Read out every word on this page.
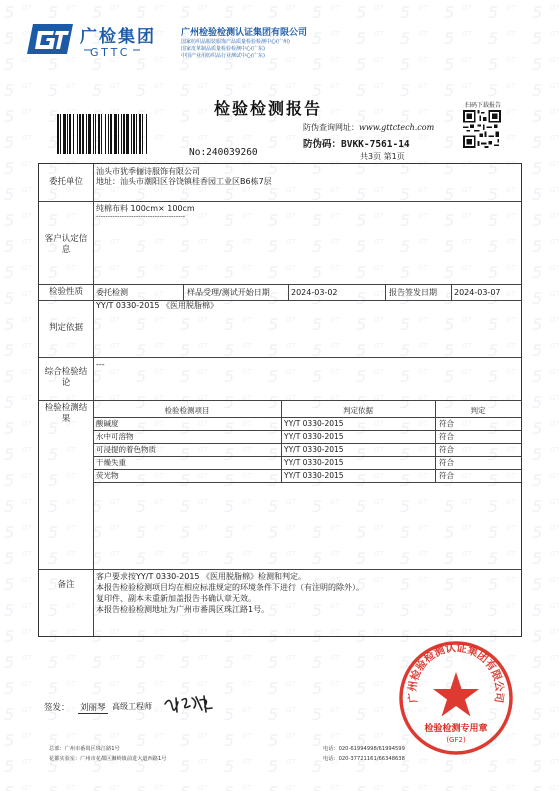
广检集团
GTTC
广州检验检测认证集团有限公司
国家纺织品服装服饰产品质量检验检测中心(广州)
国家皮革制品质量检验检测中心(广东)
中国产业用纺织品行业测试中心(广东)
检验检测报告	扫码下载报告
No:240039260
防伪查询网址：www.gttctech.com
防伪码：BVKK-7561-14
共3页 第1页
委托单位
汕头市犹季俪诗服饰有限公司
地址：汕头市潮阳区谷饶镇桂香园工业区B6栋7层
客户认定信息
纯棉布料 100cm× 100cm
--------------------------------------
检验性质	委托检测	样品受理/测试开始日期	2024-03-02	报告签发日期 2024-03-07
判定依据
YY/T 0330-2015 《医用脱脂棉》
综合检验结论
---
检验检测结果
检验检测项目	判定依据	判定
酸碱度	YY/T 0330-2015	符合
水中可溶物	YY/T 0330-2015	符合
可浸提的着色物质	YY/T 0330-2015	符合
干燥失重	YY/T 0330-2015	符合
荧光物	YY/T 0330-2015	符合
备注
客户要求按YY/T 0330-2015 《医用脱脂棉》检测和判定。
本报告检验检测项目均在相应标准规定的环境条件下进行（有注明的除外）。
复印件、副本未重新加盖报告书确认章无效。
本报告检验检测地址为广州市番禺区珠江路1号。
签发： 刘丽琴 高级工程师
广州检验检测认证集团有限公司
检验检测专用章
(GF2)
总部：广州市番禺区珠江路1号
花都实验室：广州市花都区狮岭镇前进大道西路1号
电话：020-61994998/61994599
电话：020-37721161/66348638
